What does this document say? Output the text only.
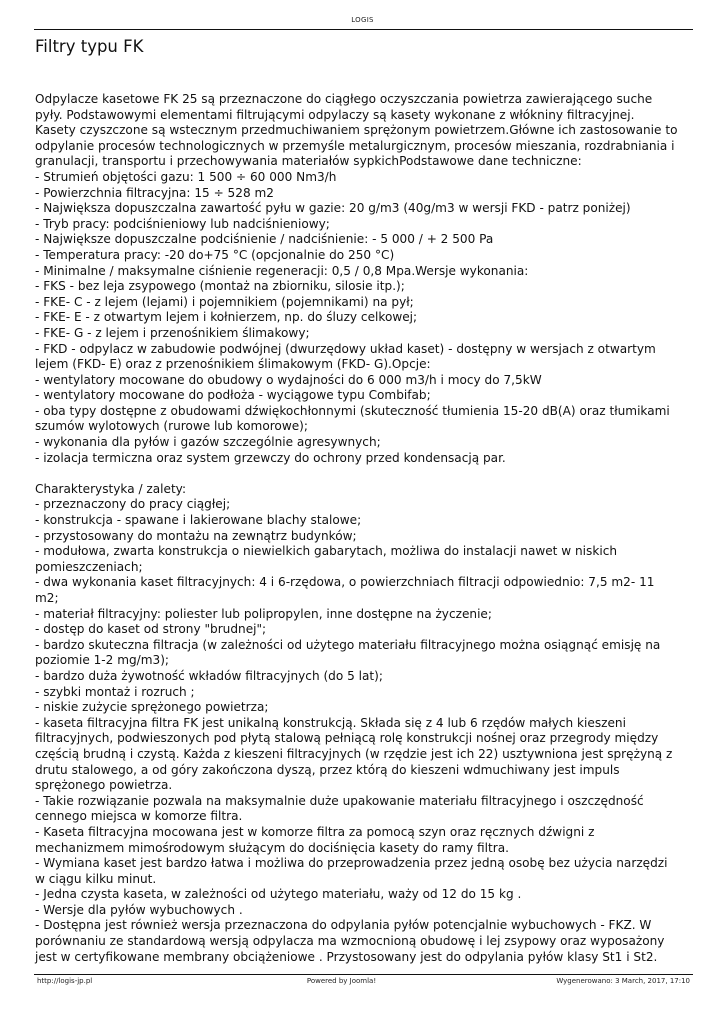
LOGIS
Filtry typu FK
Odpylacze kasetowe FK 25 są przeznaczone do ciągłego oczyszczania powietrza zawierającego suche
pyły. Podstawowymi elementami filtrującymi odpylaczy są kasety wykonane z włókniny filtracyjnej.
Kasety czyszczone są wstecznym przedmuchiwaniem sprężonym powietrzem.Główne ich zastosowanie to
odpylanie procesów technologicznych w przemyśle metalurgicznym, procesów mieszania, rozdrabniania i
granulacji, transportu i przechowywania materiałów sypkichPodstawowe dane techniczne:
- Strumień objętości gazu: 1 500 ÷ 60 000 Nm3/h
- Powierzchnia filtracyjna: 15 ÷ 528 m2
- Największa dopuszczalna zawartość pyłu w gazie: 20 g/m3 (40g/m3 w wersji FKD - patrz poniżej)
- Tryb pracy: podciśnieniowy lub nadciśnieniowy;
- Największe dopuszczalne podciśnienie / nadciśnienie: - 5 000 / + 2 500 Pa
- Temperatura pracy: -20 do+75 °C (opcjonalnie do 250 °C)
- Minimalne / maksymalne ciśnienie regeneracji: 0,5 / 0,8 Mpa.Wersje wykonania:
- FKS - bez leja zsypowego (montaż na zbiorniku, silosie itp.);
- FKE- C - z lejem (lejami) i pojemnikiem (pojemnikami) na pył;
- FKE- E - z otwartym lejem i kołnierzem, np. do śluzy celkowej;
- FKE- G - z lejem i przenośnikiem ślimakowy;
- FKD - odpylacz w zabudowie podwójnej (dwurzędowy układ kaset) - dostępny w wersjach z otwartym
lejem (FKD- E) oraz z przenośnikiem ślimakowym (FKD- G).Opcje:
- wentylatory mocowane do obudowy o wydajności do 6 000 m3/h i mocy do 7,5kW
- wentylatory mocowane do podłoża - wyciągowe typu Combifab;
- oba typy dostępne z obudowami dźwiękochłonnymi (skuteczność tłumienia 15-20 dB(A) oraz tłumikami
szumów wylotowych (rurowe lub komorowe);
- wykonania dla pyłów i gazów szczególnie agresywnych;
- izolacja termiczna oraz system grzewczy do ochrony przed kondensacją par.
Charakterystyka / zalety:
- przeznaczony do pracy ciągłej;
- konstrukcja - spawane i lakierowane blachy stalowe;
- przystosowany do montażu na zewnątrz budynków;
- modułowa, zwarta konstrukcja o niewielkich gabarytach, możliwa do instalacji nawet w niskich
pomieszczeniach;
- dwa wykonania kaset filtracyjnych: 4 i 6-rzędowa, o powierzchniach filtracji odpowiednio: 7,5 m2- 11
m2;
- materiał filtracyjny: poliester lub polipropylen, inne dostępne na życzenie;
- dostęp do kaset od strony "brudnej";
- bardzo skuteczna filtracja (w zależności od użytego materiału filtracyjnego można osiągnąć emisję na
poziomie 1-2 mg/m3);
- bardzo duża żywotność wkładów filtracyjnych (do 5 lat);
- szybki montaż i rozruch ;
- niskie zużycie sprężonego powietrza;
- kaseta filtracyjna filtra FK jest unikalną konstrukcją. Składa się z 4 lub 6 rzędów małych kieszeni
filtracyjnych, podwieszonych pod płytą stalową pełniącą rolę konstrukcji nośnej oraz przegrody między
częścią brudną i czystą. Każda z kieszeni filtracyjnych (w rzędzie jest ich 22) usztywniona jest sprężyną z
drutu stalowego, a od góry zakończona dyszą, przez którą do kieszeni wdmuchiwany jest impuls
sprężonego powietrza.
- Takie rozwiązanie pozwala na maksymalnie duże upakowanie materiału filtracyjnego i oszczędność
cennego miejsca w komorze filtra.
- Kaseta filtracyjna mocowana jest w komorze filtra za pomocą szyn oraz ręcznych dźwigni z
mechanizmem mimośrodowym służącym do dociśnięcia kasety do ramy filtra.
- Wymiana kaset jest bardzo łatwa i możliwa do przeprowadzenia przez jedną osobę bez użycia narzędzi
w ciągu kilku minut.
- Jedna czysta kaseta, w zależności od użytego materiału, waży od 12 do 15 kg .
- Wersje dla pyłów wybuchowych .
- Dostępna jest również wersja przeznaczona do odpylania pyłów potencjalnie wybuchowych - FKZ. W
porównaniu ze standardową wersją odpylacza ma wzmocnioną obudowę i lej zsypowy oraz wyposażony
jest w certyfikowane membrany obciążeniowe . Przystosowany jest do odpylania pyłów klasy St1 i St2.
http://logis-jp.pl	Powered by Joomla!	Wygenerowano: 3 March, 2017, 17:10
